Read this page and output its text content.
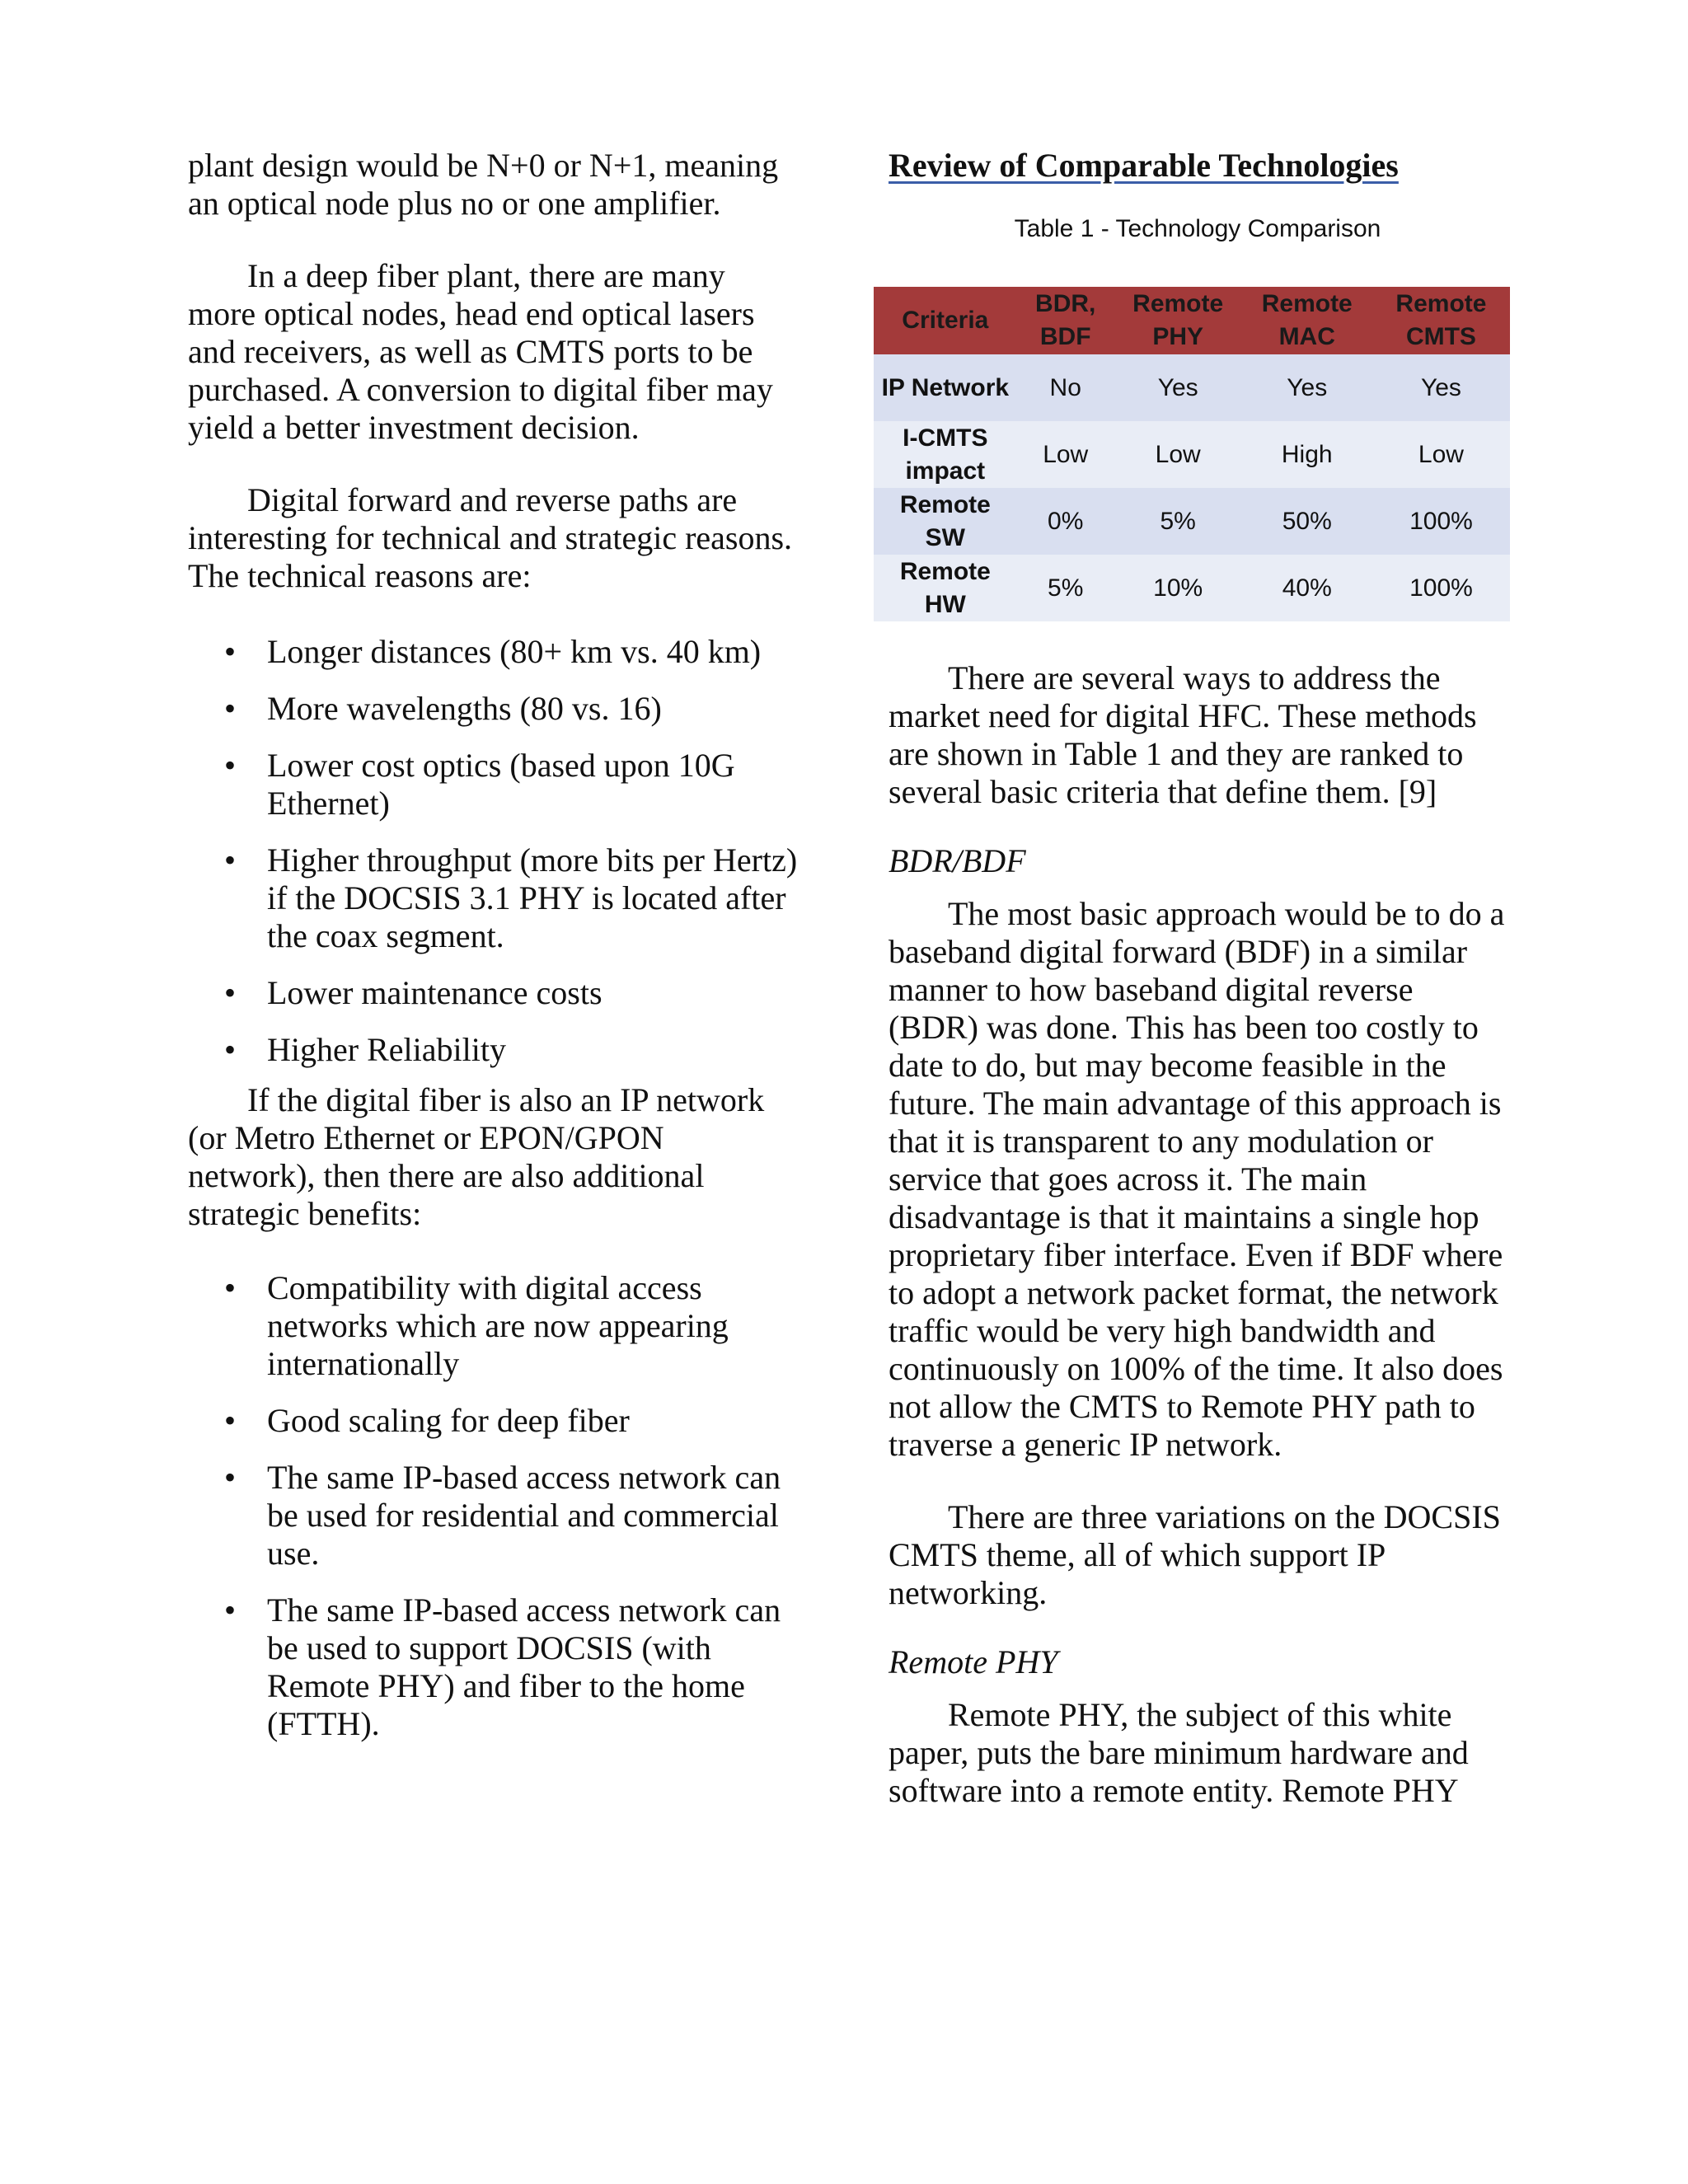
plant design would be N+0 or N+1, meaning an optical node plus no or one amplifier.

In a deep fiber plant, there are many more optical nodes, head end optical lasers and receivers, as well as CMTS ports to be purchased. A conversion to digital fiber may yield a better investment decision.

Digital forward and reverse paths are interesting for technical and strategic reasons. The technical reasons are:

• Longer distances (80+ km vs. 40 km)
• More wavelengths (80 vs. 16)
• Lower cost optics (based upon 10G Ethernet)
• Higher throughput (more bits per Hertz) if the DOCSIS 3.1 PHY is located after the coax segment.
• Lower maintenance costs
• Higher Reliability

If the digital fiber is also an IP network (or Metro Ethernet or EPON/GPON network), then there are also additional strategic benefits:

• Compatibility with digital access networks which are now appearing internationally
• Good scaling for deep fiber
• The same IP-based access network can be used for residential and commercial use.
• The same IP-based access network can be used to support DOCSIS (with Remote PHY) and fiber to the home (FTTH).

Review of Comparable Technologies

Table 1 - Technology Comparison

Criteria	BDR, BDF	Remote PHY	Remote MAC	Remote CMTS
IP Network	No	Yes	Yes	Yes
I-CMTS impact	Low	Low	High	Low
Remote SW	0%	5%	50%	100%
Remote HW	5%	10%	40%	100%

There are several ways to address the market need for digital HFC. These methods are shown in Table 1 and they are ranked to several basic criteria that define them. [9]

BDR/BDF

The most basic approach would be to do a baseband digital forward (BDF) in a similar manner to how baseband digital reverse (BDR) was done. This has been too costly to date to do, but may become feasible in the future. The main advantage of this approach is that it is transparent to any modulation or service that goes across it. The main disadvantage is that it maintains a single hop proprietary fiber interface. Even if BDF where to adopt a network packet format, the network traffic would be very high bandwidth and continuously on 100% of the time. It also does not allow the CMTS to Remote PHY path to traverse a generic IP network.

There are three variations on the DOCSIS CMTS theme, all of which support IP networking.

Remote PHY

Remote PHY, the subject of this white paper, puts the bare minimum hardware and software into a remote entity. Remote PHY
